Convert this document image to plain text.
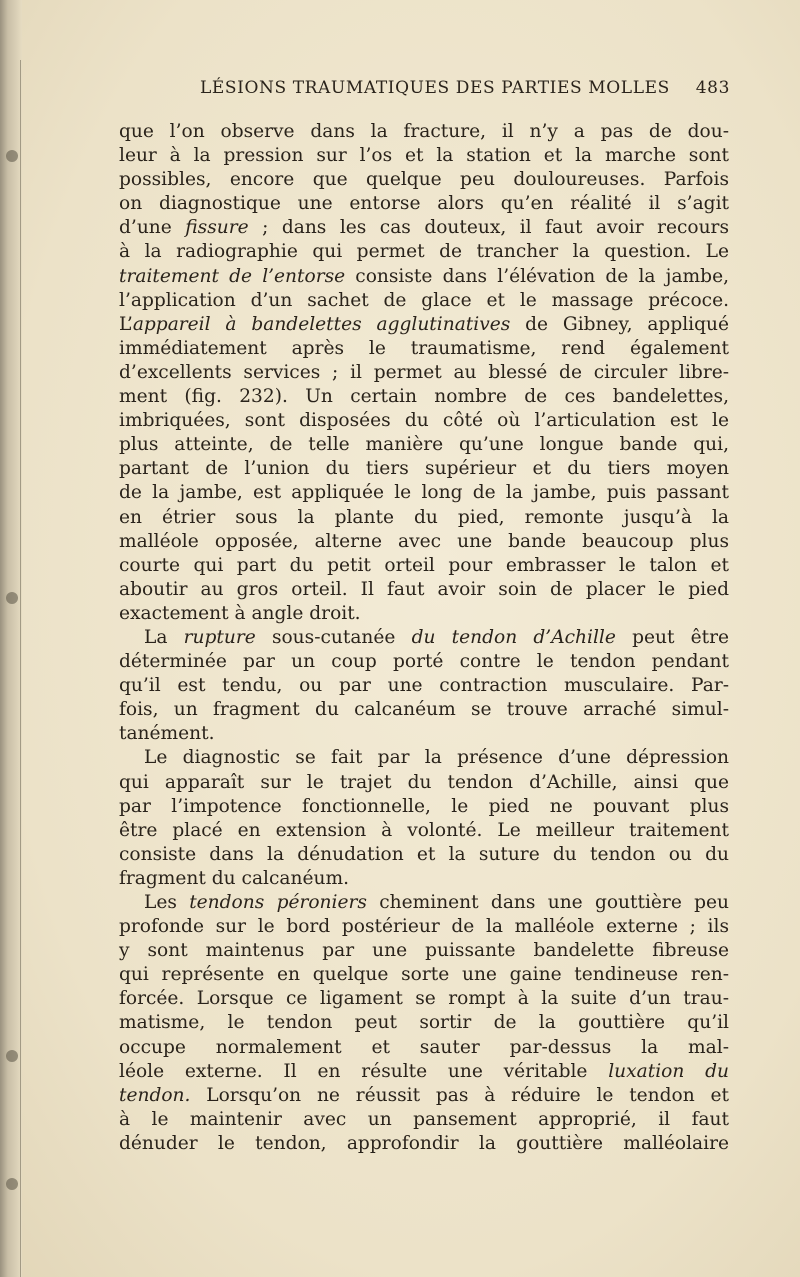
LÉSIONS TRAUMATIQUES DES PARTIES MOLLES 483
que l’on observe dans la fracture, il n’y a pas de dou-
leur à la pression sur l’os et la station et la marche sont
possibles, encore que quelque peu douloureuses. Parfois
on diagnostique une entorse alors qu’en réalité il s’agit
d’une fissure ; dans les cas douteux, il faut avoir recours
à la radiographie qui permet de trancher la question. Le
traitement de l’entorse consiste dans l’élévation de la jambe,
l’application d’un sachet de glace et le massage précoce.
L’appareil à bandelettes agglutinatives de Gibney, appliqué
immédiatement après le traumatisme, rend également
d’excellents services ; il permet au blessé de circuler libre-
ment (fig. 232). Un certain nombre de ces bandelettes,
imbriquées, sont disposées du côté où l’articulation est le
plus atteinte, de telle manière qu’une longue bande qui,
partant de l’union du tiers supérieur et du tiers moyen
de la jambe, est appliquée le long de la jambe, puis passant
en étrier sous la plante du pied, remonte jusqu’à la
malléole opposée, alterne avec une bande beaucoup plus
courte qui part du petit orteil pour embrasser le talon et
aboutir au gros orteil. Il faut avoir soin de placer le pied
exactement à angle droit.
La rupture sous-cutanée du tendon d’Achille peut être
déterminée par un coup porté contre le tendon pendant
qu’il est tendu, ou par une contraction musculaire. Par-
fois, un fragment du calcanéum se trouve arraché simul-
tanément.
Le diagnostic se fait par la présence d’une dépression
qui apparaît sur le trajet du tendon d’Achille, ainsi que
par l’impotence fonctionnelle, le pied ne pouvant plus
être placé en extension à volonté. Le meilleur traitement
consiste dans la dénudation et la suture du tendon ou du
fragment du calcanéum.
Les tendons péroniers cheminent dans une gouttière peu
profonde sur le bord postérieur de la malléole externe ; ils
y sont maintenus par une puissante bandelette fibreuse
qui représente en quelque sorte une gaine tendineuse ren-
forcée. Lorsque ce ligament se rompt à la suite d’un trau-
matisme, le tendon peut sortir de la gouttière qu’il
occupe normalement et sauter par-dessus la mal-
léole externe. Il en résulte une véritable luxation du
tendon. Lorsqu’on ne réussit pas à réduire le tendon et
à le maintenir avec un pansement approprié, il faut
dénuder le tendon, approfondir la gouttière malléolaire
